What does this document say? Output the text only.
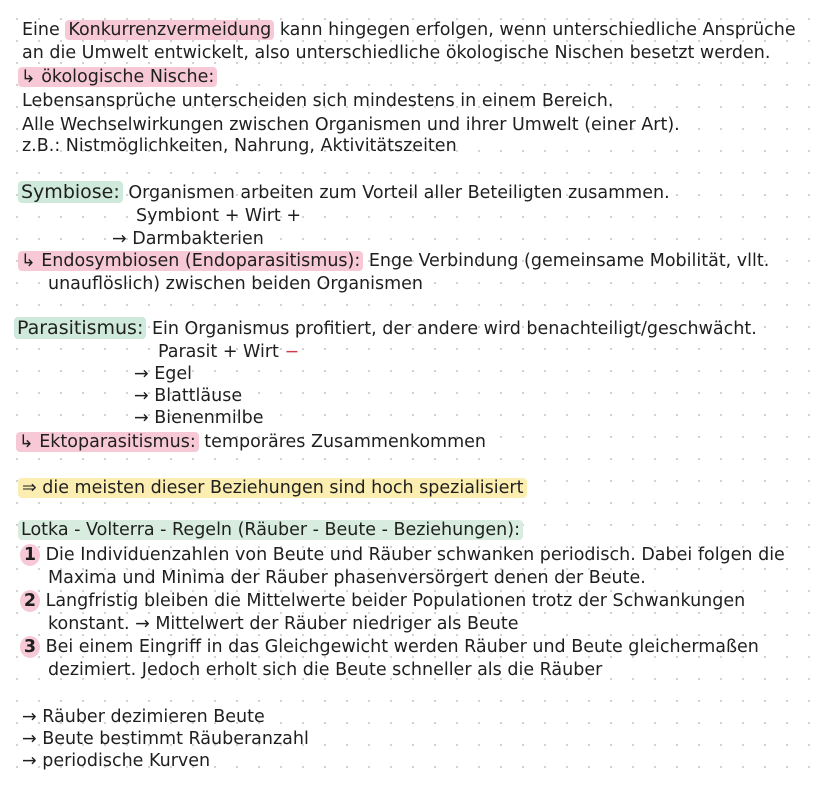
Eine Konkurrenzvermeidung kann hingegen erfolgen, wenn unterschiedliche Ansprüche
an die Umwelt entwickelt, also unterschiedliche ökologische Nischen besetzt werden.
↳ ökologische Nische:
Lebensansprüche unterscheiden sich mindestens in einem Bereich.
Alle Wechselwirkungen zwischen Organismen und ihrer Umwelt (einer Art).
z.B.: Nistmöglichkeiten, Nahrung, Aktivitätszeiten
Symbiose: Organismen arbeiten zum Vorteil aller Beteiligten zusammen.
Symbiont + Wirt +
→ Darmbakterien
↳ Endosymbiosen (Endoparasitismus): Enge Verbindung (gemeinsame Mobilität, vllt.
unauflöslich) zwischen beiden Organismen
Parasitismus: Ein Organismus profitiert, der andere wird benachteiligt/geschwächt.
Parasit + Wirt −
→ Egel
→ Blattläuse
→ Bienenmilbe
↳ Ektoparasitismus: temporäres Zusammenkommen
⇒ die meisten dieser Beziehungen sind hoch spezialisiert
Lotka - Volterra - Regeln (Räuber - Beute - Beziehungen):
1 Die Individuenzahlen von Beute und Räuber schwanken periodisch. Dabei folgen die
Maxima und Minima der Räuber phasenversörgert denen der Beute.
2 Langfristig bleiben die Mittelwerte beider Populationen trotz der Schwankungen
konstant. → Mittelwert der Räuber niedriger als Beute
3 Bei einem Eingriff in das Gleichgewicht werden Räuber und Beute gleichermaßen
dezimiert. Jedoch erholt sich die Beute schneller als die Räuber
→ Räuber dezimieren Beute
→ Beute bestimmt Räuberanzahl
→ periodische Kurven
